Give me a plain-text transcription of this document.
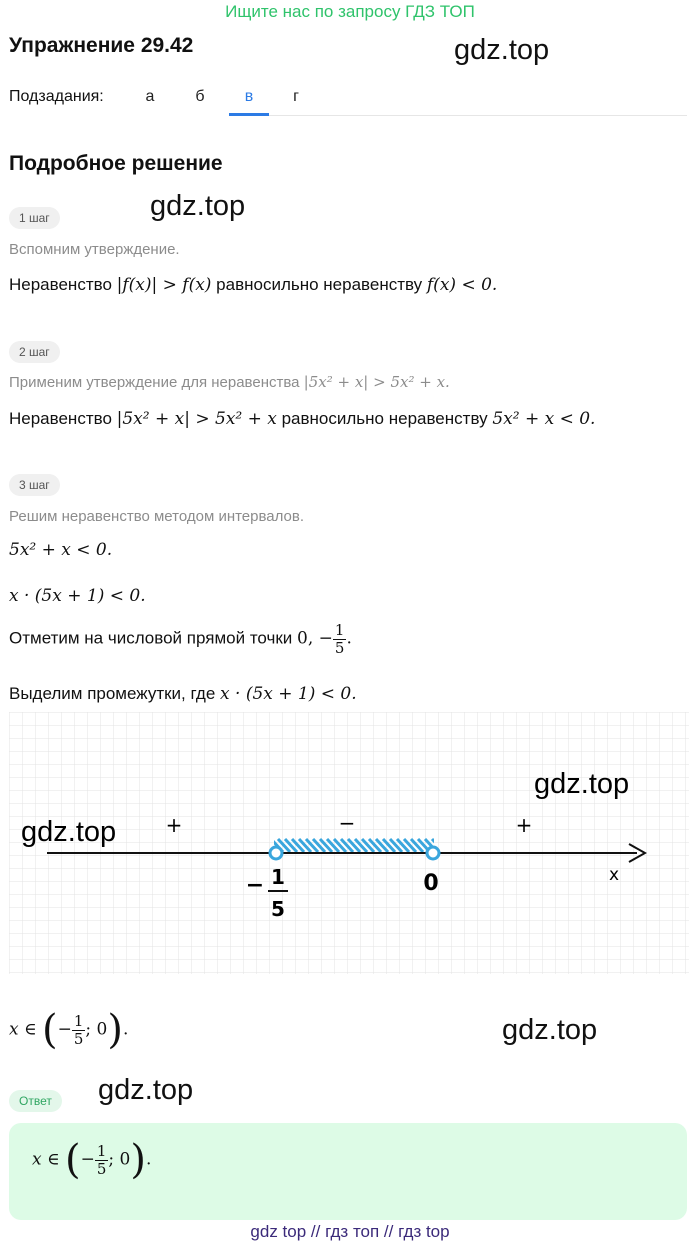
Ищите нас по запросу ГДЗ ТОП
Упражнение 29.42	gdz.top
Подзадания:	а	б	в	г
Подробное решение
1 шаг	gdz.top
Вспомним утверждение.
Неравенство |f(x)| > f(x) равносильно неравенству f(x) < 0.
2 шаг
Применим утверждение для неравенства |5x² + x| > 5x² + x.
Неравенство |5x² + x| > 5x² + x равносильно неравенству 5x² + x < 0.
3 шаг
Решим неравенство методом интервалов.
5x² + x < 0.
x · (5x + 1) < 0.
Отметим на числовой прямой точки 0, − $\frac{1}{5}$ .
Выделим промежутки, где x · (5x + 1) < 0.
+	−	+
x
− 1
5
0
gdz.top
gdz.top
x ∈ (− $\frac{1}{5}$ ; 0).	gdz.top
Ответ	gdz.top
x ∈ (− $\frac{1}{5}$ ; 0).
gdz top // гдз топ // гдз top
